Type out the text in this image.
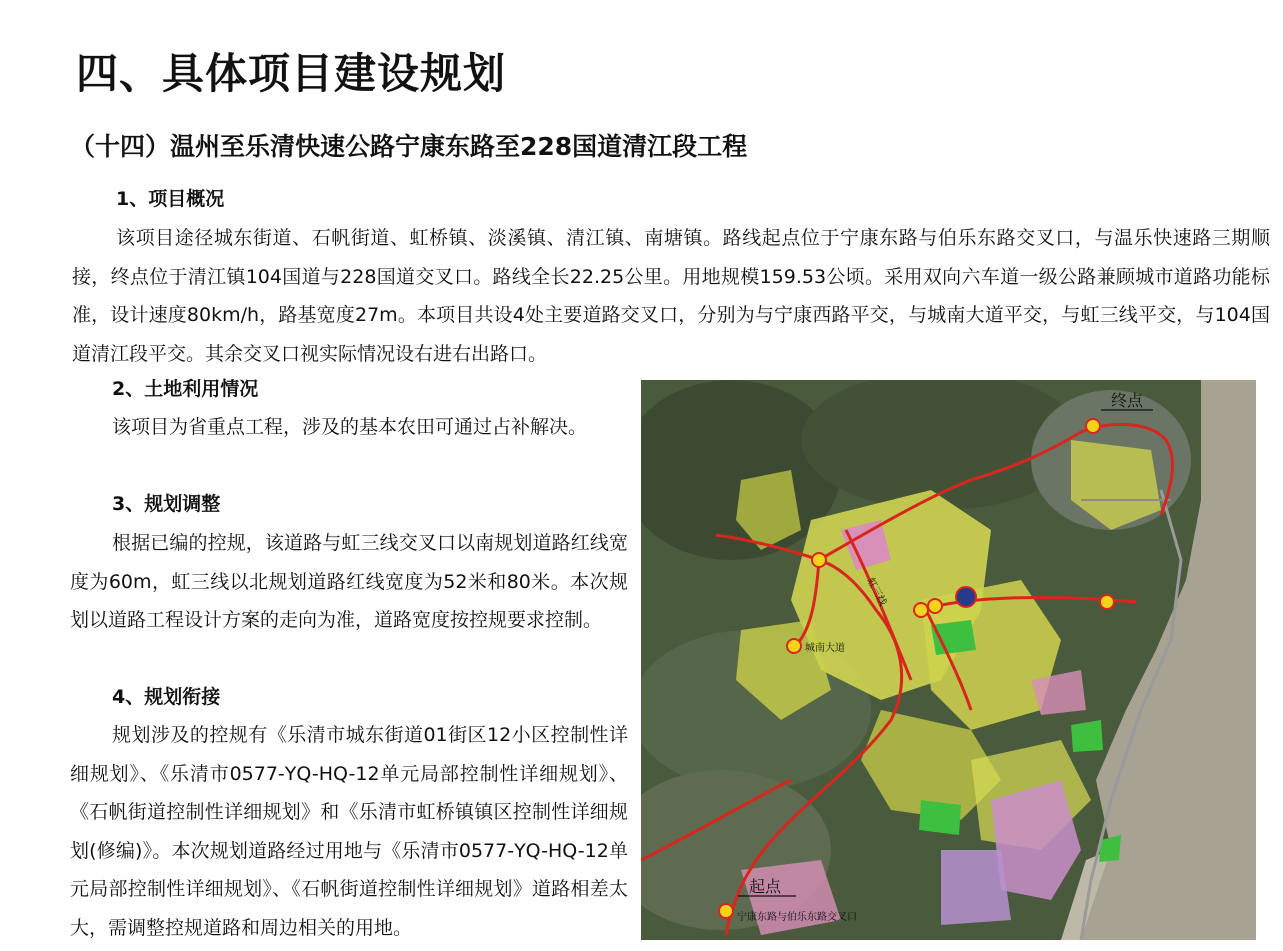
四、具体项目建设规划
（十四）温州至乐清快速公路宁康东路至228国道清江段工程
1、项目概况

该项目途径城东街道、石帆街道、虹桥镇、淡溪镇、清江镇、南塘镇。路线起点位于宁康东路与伯乐东路交叉口，与温乐快速路三期顺接，终点位于清江镇104国道与228国道交叉口。路线全长22.25公里。用地规模159.53公顷。采用双向六车道一级公路兼顾城市道路功能标准，设计速度80km/h，路基宽度27m。本项目共设4处主要道路交叉口，分别为与宁康西路平交，与城南大道平交，与虹三线平交，与104国道清江段平交。其余交叉口视实际情况设右进右出路口。

2、土地利用情况

该项目为省重点工程，涉及的基本农田可通过占补解决。

3、规划调整

根据已编的控规，该道路与虹三线交叉口以南规划道路红线宽度为60m，虹三线以北规划道路红线宽度为52米和80米。本次规划以道路工程设计方案的走向为准，道路宽度按控规要求控制。

4、规划衔接

规划涉及的控规有《乐清市城东街道01街区12小区控制性详细规划》、《乐清市0577-YQ-HQ-12单元局部控制性详细规划》、《石帆街道控制性详细规划》和《乐清市虹桥镇镇区控制性详细规划(修编)》。本次规划道路经过用地与《乐清市0577-YQ-HQ-12单元局部控制性详细规划》、《石帆街道控制性详细规划》道路相差太大，需调整控规道路和周边相关的用地。

终点
起点
宁康东路与伯乐东路交叉口
城南大道
虹三线
